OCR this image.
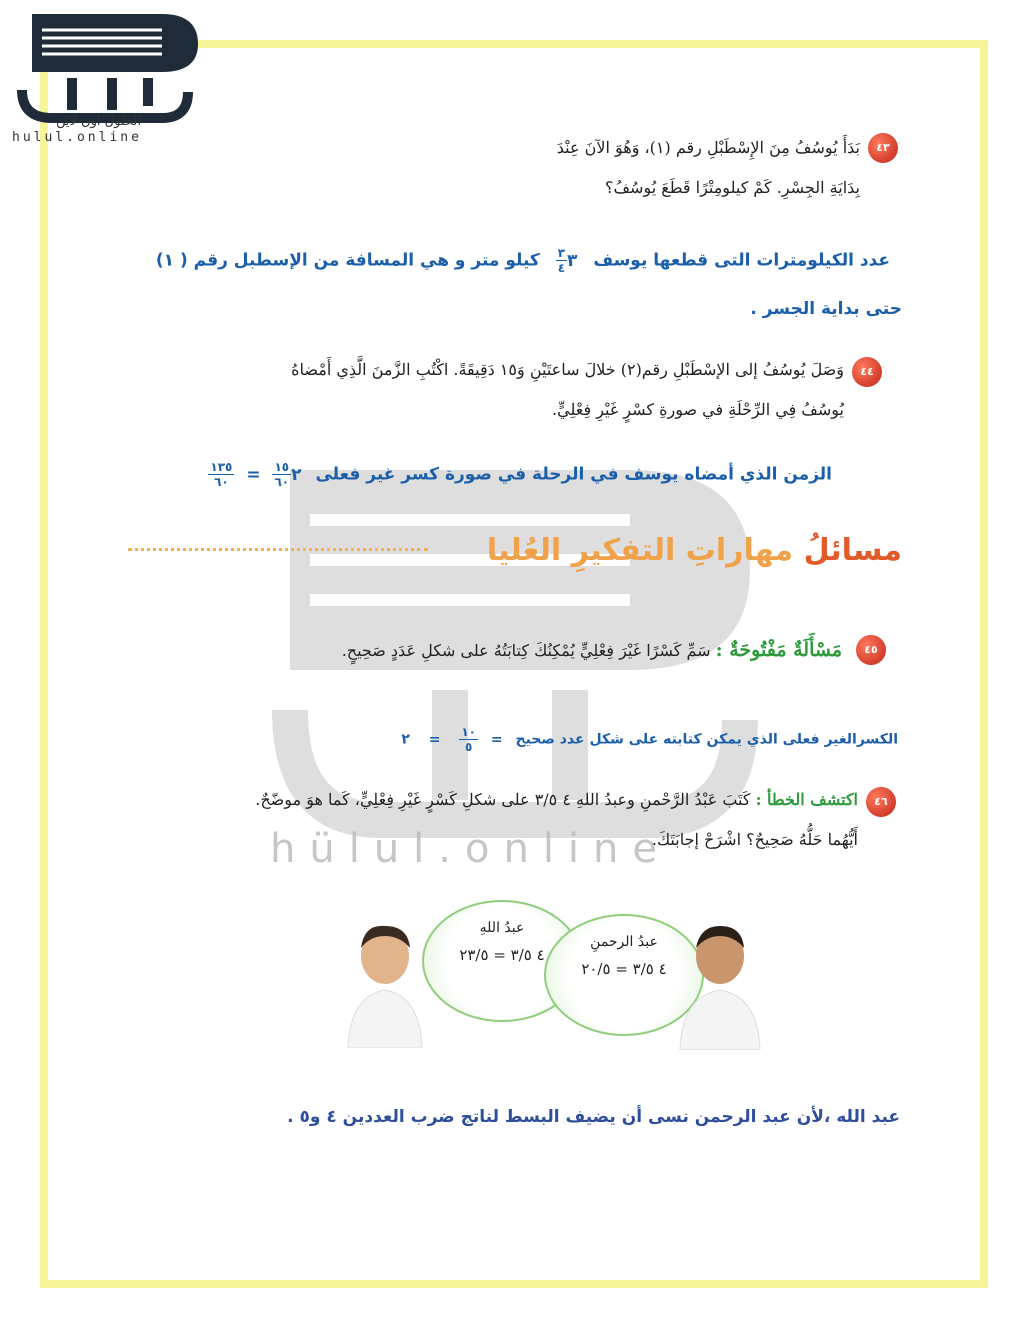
الحلول اون لاين
hulul.online
hülul.online
٤٣
بَدَأَ يُوسُفُ مِنَ الإِسْطَبْلِ رقم (١)، وَهُوَ الآنَ عِنْدَ
بِدَايَةِ الجِسْرِ. كَمْ كيلومِتْرًا قَطَعَ يُوسُفُ؟
عدد الكيلومترات التى قطعها يوسف ٣
$\frac{٣}{٤}$
كيلو متر و هي المسافة من الإسطبل رقم ( ١)
حتى بداية الجسر .
٤٤
وَصَلَ يُوسُفُ إلى الإسْطَبْلِ رقم(٢) خلالَ ساعتَيْنِ وَ١٥ دَقِيقَةً. اكْتُبِ الزَّمنَ الَّذِي أَمْضاهُ
يُوسُفُ فِي الرِّحْلَةِ في صورةِ كسْرٍ غَيْرِ فِعْلِيٍّ.
الزمن الذي أمضاه يوسف في الرحلة في صورة كسر غير فعلى ٢
$\frac{١٥}{٦٠}$
=
$\frac{١٣٥}{٦٠}$
مسائلُ مهاراتِ التفكيرِ العُليا
٤٥
مَسْأَلَةٌ مَفْتُوحَةٌ : سَمِّ كَسْرًا غَيْرَ فِعْلِيٍّ يُمْكِنُكَ كِتابَتُهُ على شكلِ عَدَدٍ صَحِيحٍ.
الكسرالغير فعلى الذي يمكن كتابته على شكل عدد صحيح =
$\frac{١٠}{٥}$
= ٢
٤٦
اكتشف الخطأ : كَتَبَ عَبْدُ الرَّحْمنِ وعبدُ اللهِ ٤ ٣/٥ على شكلِ كَسْرٍ غَيْرِ فِعْلِيٍّ، كَما هوَ موضّحٌ.
أَيُّهُما حَلُّهُ صَحِيحٌ؟ اشْرَحْ إجابَتَكَ.
عبدُ اللهِ
٤ ٣/٥ = ٢٣/٥
عبدُ الرحمنِ
٤ ٣/٥ = ٢٠/٥
عبد الله ،لأن عبد الرحمن نسى أن يضيف البسط لناتج ضرب العددين ٤ و٥ .
